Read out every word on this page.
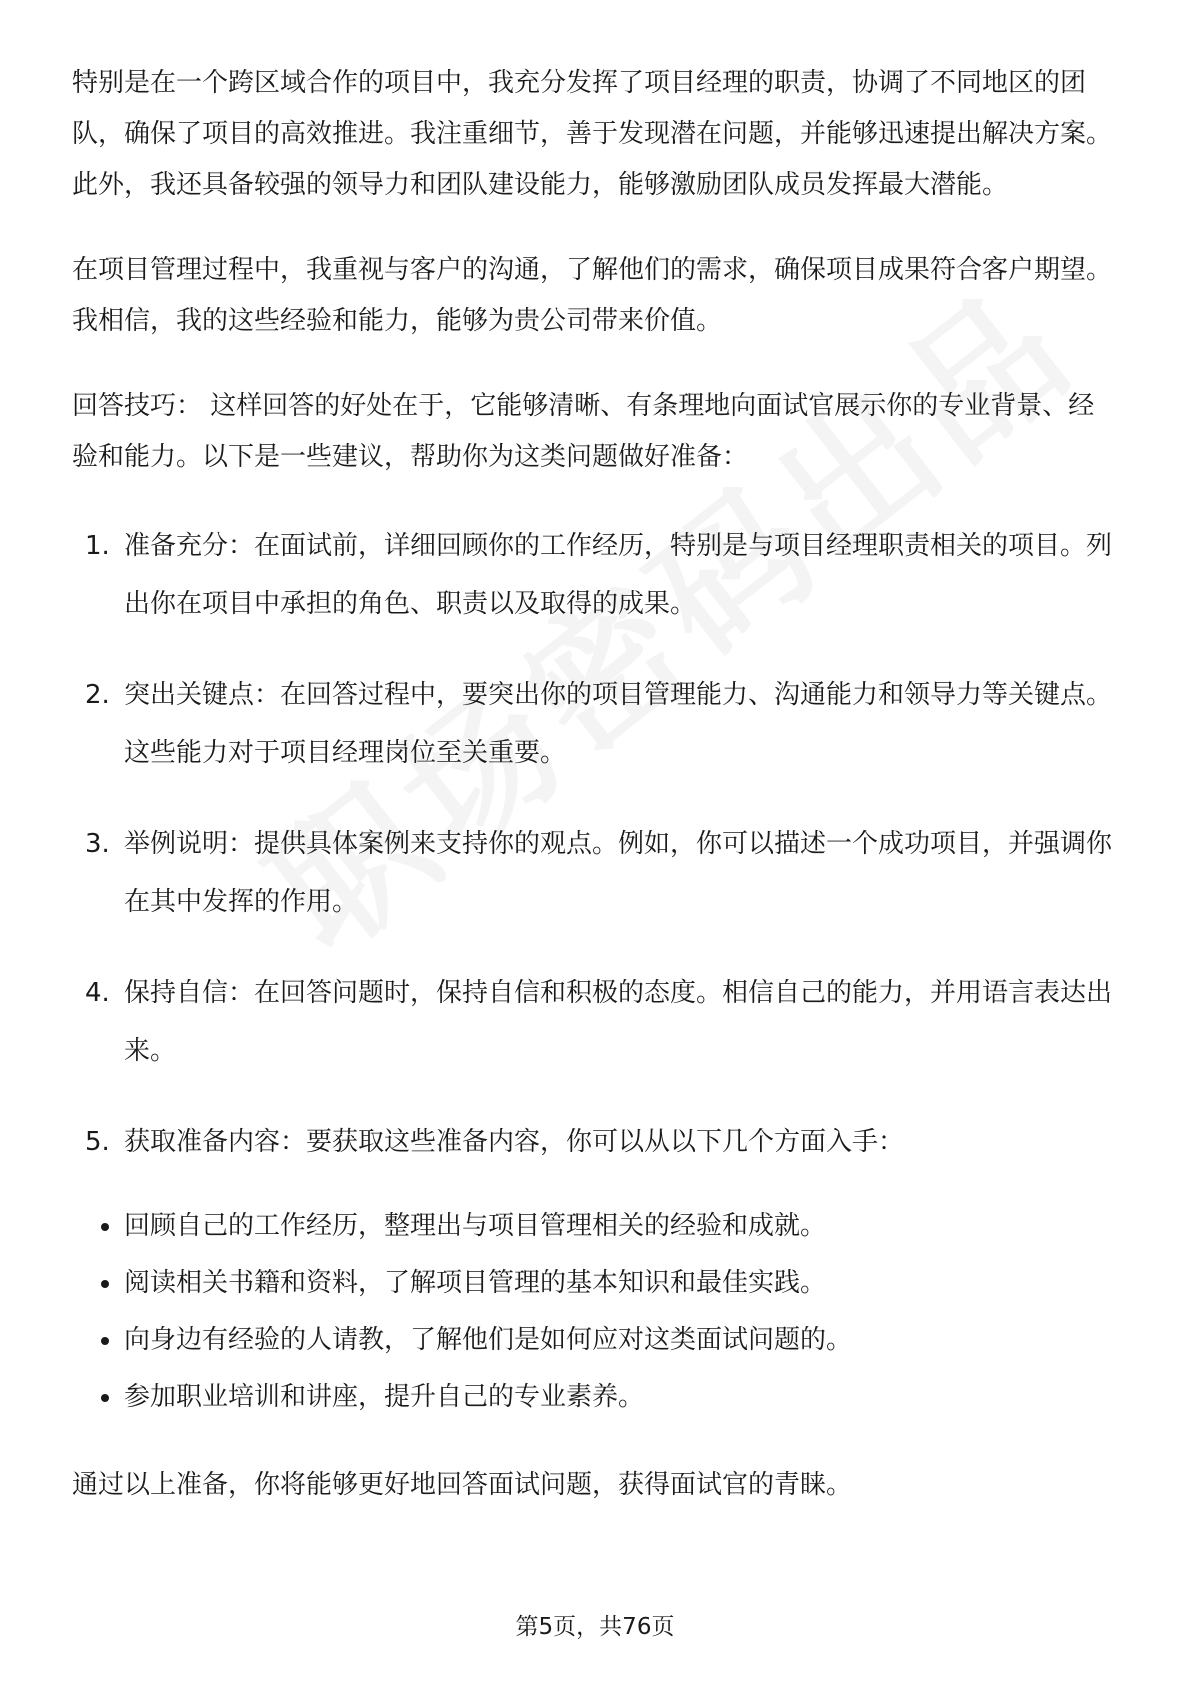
特别是在一个跨区域合作的项目中，我充分发挥了项目经理的职责，协调了不同地区的团队，确保了项目的高效推进。我注重细节，善于发现潜在问题，并能够迅速提出解决方案。此外，我还具备较强的领导力和团队建设能力，能够激励团队成员发挥最大潜能。

在项目管理过程中，我重视与客户的沟通，了解他们的需求，确保项目成果符合客户期望。我相信，我的这些经验和能力，能够为贵公司带来价值。

回答技巧： 这样回答的好处在于，它能够清晰、有条理地向面试官展示你的专业背景、经验和能力。以下是一些建议，帮助你为这类问题做好准备：

1. 准备充分：在面试前，详细回顾你的工作经历，特别是与项目经理职责相关的项目。列出你在项目中承担的角色、职责以及取得的成果。
2. 突出关键点：在回答过程中，要突出你的项目管理能力、沟通能力和领导力等关键点。这些能力对于项目经理岗位至关重要。
3. 举例说明：提供具体案例来支持你的观点。例如，你可以描述一个成功项目，并强调你在其中发挥的作用。
4. 保持自信：在回答问题时，保持自信和积极的态度。相信自己的能力，并用语言表达出来。
5. 获取准备内容：要获取这些准备内容，你可以从以下几个方面入手：
回顾自己的工作经历，整理出与项目管理相关的经验和成就。
阅读相关书籍和资料，了解项目管理的基本知识和最佳实践。
向身边有经验的人请教，了解他们是如何应对这类面试问题的。
参加职业培训和讲座，提升自己的专业素养。

通过以上准备，你将能够更好地回答面试问题，获得面试官的青睐。

第5页，共76页
